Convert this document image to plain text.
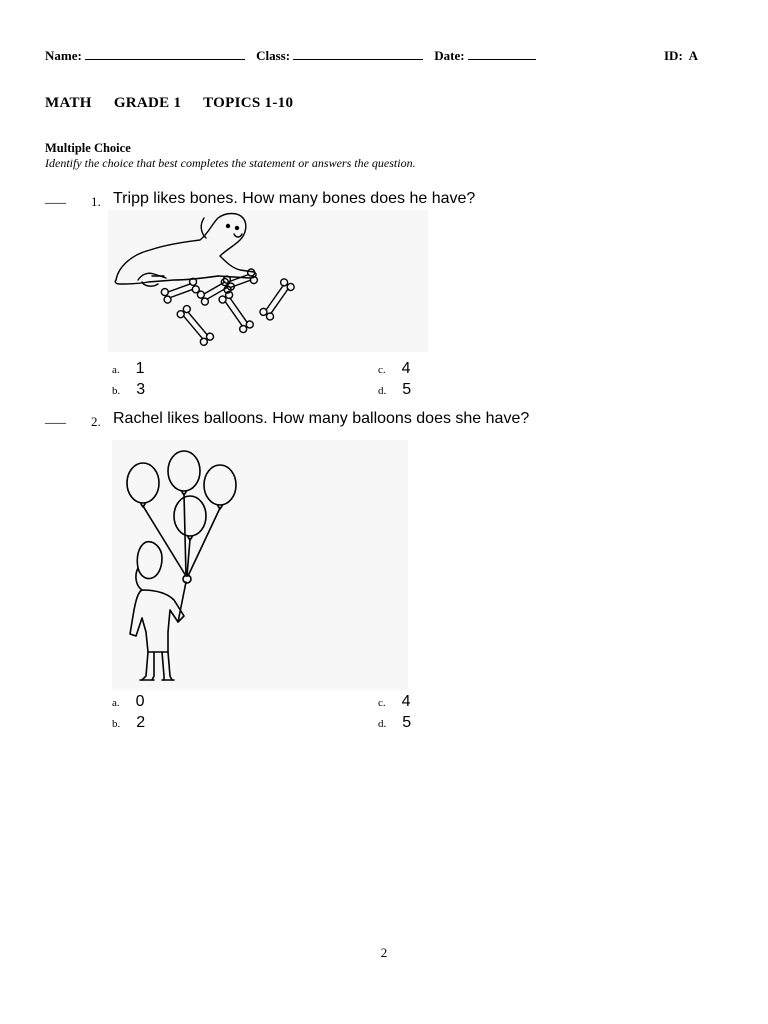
Name:	Class:	Date:	ID: A
MATH GRADE 1 TOPICS 1-10
Multiple Choice
Identify the choice that best completes the statement or answers the question.
___ 1. Tripp likes bones. How many bones does he have?
a. 1
b. 3
c. 4
d. 5
___ 2. Rachel likes balloons. How many balloons does she have?
a. 0
b. 2
c. 4
d. 5
2
